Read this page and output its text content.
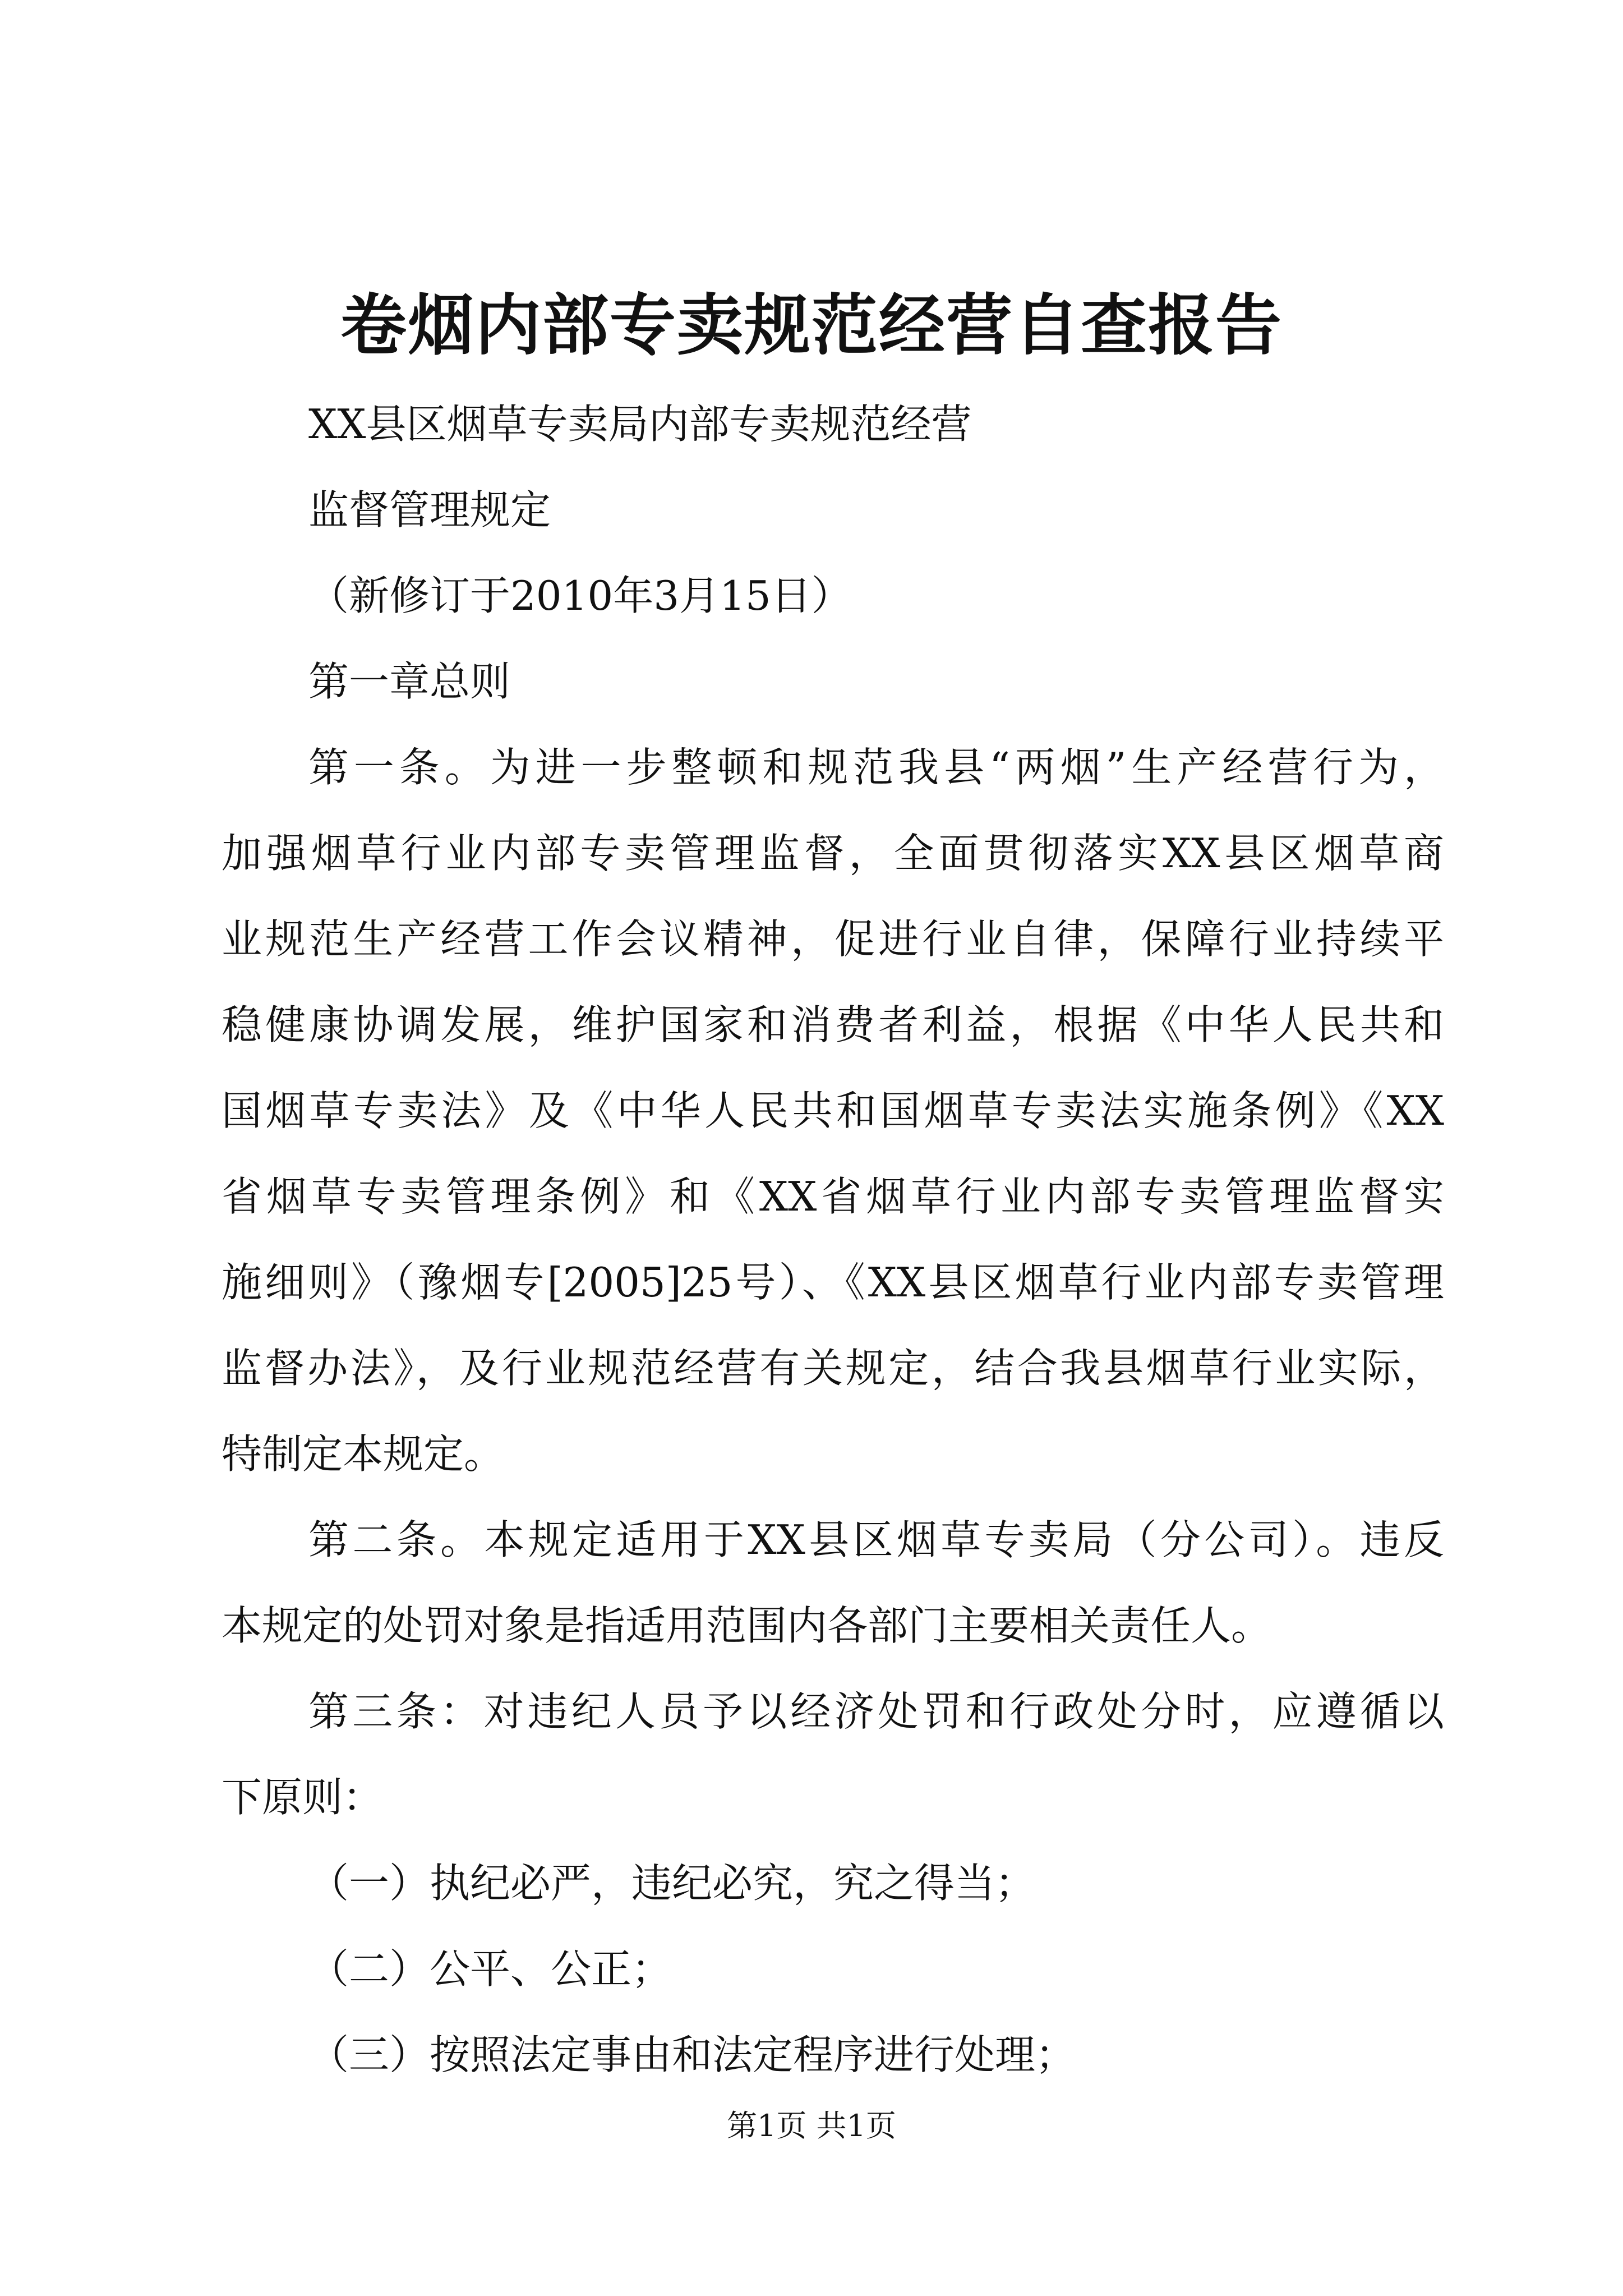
卷烟内部专卖规范经营自查报告
XX县区烟草专卖局内部专卖规范经营
监督管理规定
（新修订于2010年3月15日）
第一章总则
第一条。为进一步整顿和规范我县“两烟”生产经营行为，
加强烟草行业内部专卖管理监督，全面贯彻落实XX县区烟草商
业规范生产经营工作会议精神，促进行业自律，保障行业持续平
稳健康协调发展，维护国家和消费者利益，根据《中华人民共和
国烟草专卖法》及《中华人民共和国烟草专卖法实施条例》《XX
省烟草专卖管理条例》和《XX省烟草行业内部专卖管理监督实
施细则》（豫烟专[2005]25号）、《XX县区烟草行业内部专卖管理
监督办法》，及行业规范经营有关规定，结合我县烟草行业实际，
特制定本规定。
第二条。本规定适用于XX县区烟草专卖局（分公司）。违反
本规定的处罚对象是指适用范围内各部门主要相关责任人。
第三条：对违纪人员予以经济处罚和行政处分时，应遵循以
下原则：
（一）执纪必严，违纪必究，究之得当；
（二）公平、公正；
（三）按照法定事由和法定程序进行处理；
第1页 共1页
